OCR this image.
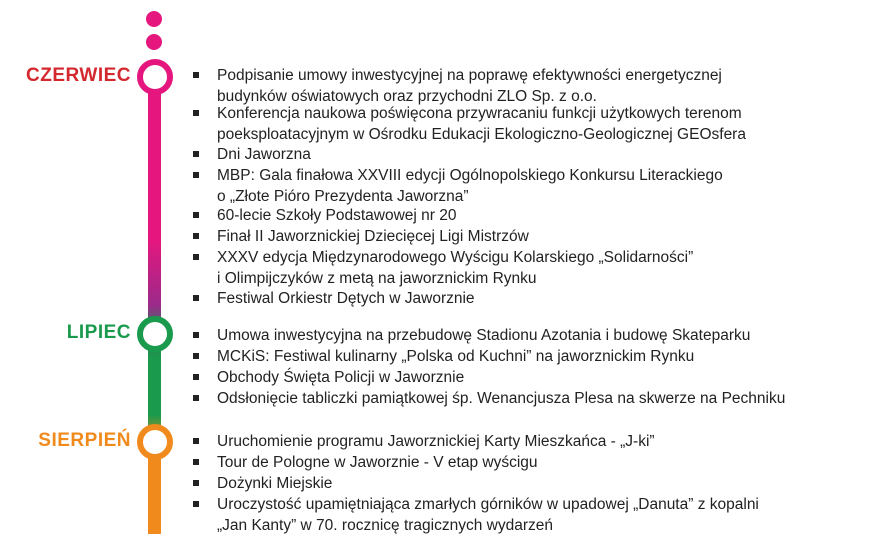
CZERWIEC
LIPIEC
SIERPIEŃ
Podpisanie umowy inwestycyjnej na poprawę efektywności energetycznej
budynków oświatowych oraz przychodni ZLO Sp. z o.o.
Konferencja naukowa poświęcona przywracaniu funkcji użytkowych terenom
poeksploatacyjnym w Ośrodku Edukacji Ekologiczno-Geologicznej GEOsfera
Dni Jaworzna
MBP: Gala finałowa XXVIII edycji Ogólnopolskiego Konkursu Literackiego
o „Złote Pióro Prezydenta Jaworzna”
60-lecie Szkoły Podstawowej nr 20
Finał II Jaworznickiej Dziecięcej Ligi Mistrzów
XXXV edycja Międzynarodowego Wyścigu Kolarskiego „Solidarności”
i Olimpijczyków z metą na jaworznickim Rynku
Festiwal Orkiestr Dętych w Jaworznie
Umowa inwestycyjna na przebudowę Stadionu Azotania i budowę Skateparku
MCKiS: Festiwal kulinarny „Polska od Kuchni” na jaworznickim Rynku
Obchody Święta Policji w Jaworznie
Odsłonięcie tabliczki pamiątkowej śp. Wenancjusza Plesa na skwerze na Pechniku
Uruchomienie programu Jaworznickiej Karty Mieszkańca - „J-ki”
Tour de Pologne w Jaworznie - V etap wyścigu
Dożynki Miejskie
Uroczystość upamiętniająca zmarłych górników w upadowej „Danuta” z kopalni
„Jan Kanty” w 70. rocznicę tragicznych wydarzeń
